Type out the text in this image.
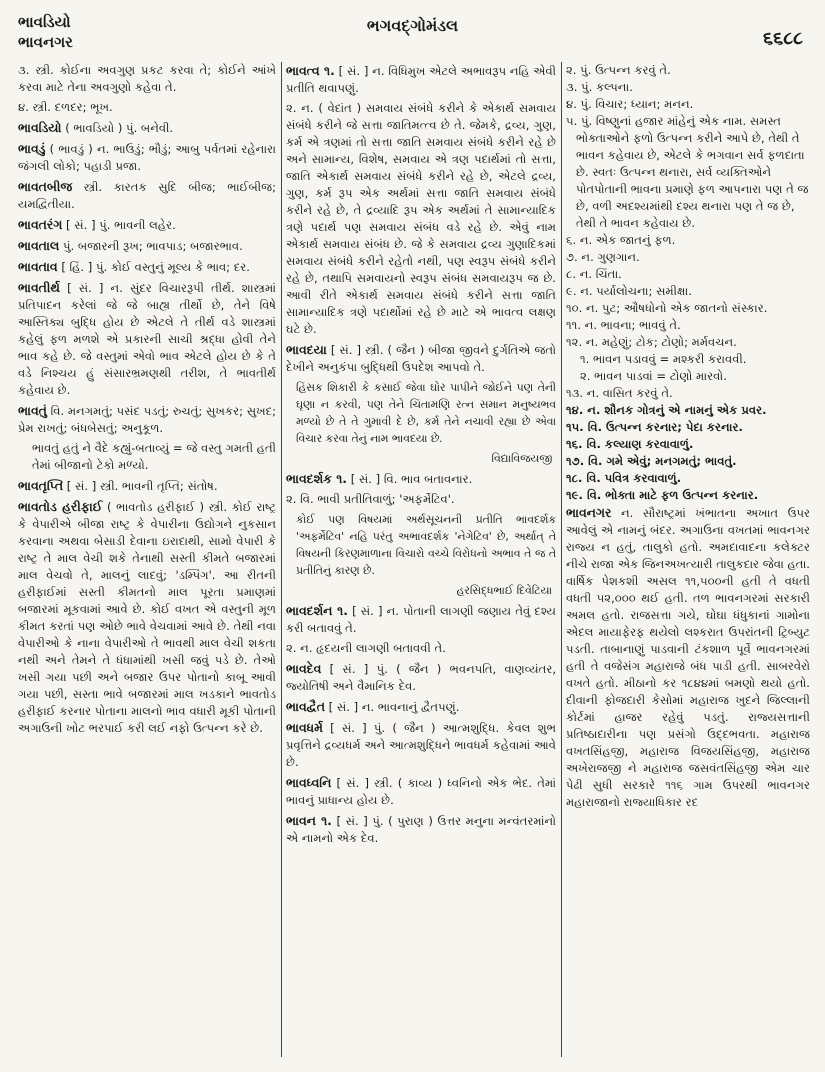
ભાવડિયો
ભાવનગર
ભગવદ્ગોમંડલ
૬૬૮૮
૩. સ્ત્રી. કોઈના અવગુણ પ્રકટ કરવા તે; કોઈને આંખે કરવા માટે તેના અવગુણો કહેવા તે.
૪. સ્ત્રી. દળદર; ભૂખ.
ભાવડિયો ( ભાવડિયો ) પું. બનેવી.
ભાવડું ( ભાવડું ) ન. ભાઉડું; ભૌડું; આબુ પર્વતમાં રહેનારા જંગલી લોકો; પહાડી પ્રજા.
ભાવતબીજ સ્ત્રી. કારતક સુદિ બીજ; ભાઈબીજ; યમદ્વિતીયા.
ભાવતરંગ [ સં. ] પું. ભાવની લહેર.
ભાવતાલ પું. બજારની રૂખ; ભાવપાડ; બજારભાવ.
ભાવતાવ [ હિં. ] પું. કોઈ વસ્તુનું મૂલ્ય કે ભાવ; દર.
ભાવતીર્થ [ સં. ] ન. સુંદર વિચારરૂપી તીર્થ. શાસ્ત્રમાં પ્રતિપાદન કરેલાં જે જે બાહ્ય તીર્થો છે, તેને વિષે આસ્તિક્ય બુદ્ધિ હોય છે એટલે તે તીર્થ વડે શાસ્ત્રમાં કહેલું ફળ મળશે એ પ્રકારની સાચી શ્રદ્ધા હોવી તેને ભાવ કહે છે. જે વસ્તુમાં એવો ભાવ એટલે હોય છે કે તે વડે નિશ્ચય હું સંસારભ્રમણથી તરીશ, તે ભાવતીર્થ કહેવાય છે.
ભાવતું વિ. મનગમતું; પસંદ પડતું; રુચતું; સુખકર; સુખદ; પ્રેમ રાખતું; બંધબેસતું; અનુકૂળ.
ભાવતું હતું ને વૈદે કહ્યું-બતાવ્યું = જે વસ્તુ ગમતી હતી તેમાં બીજાનો ટેકો મળ્યો.
ભાવતૃપ્તિ [ સં. ] સ્ત્રી. ભાવની તૃપ્તિ; સંતોષ.
ભાવતોડ હરીફાઈ ( ભાવતોડ હરીફાઈ ) સ્ત્રી. કોઈ રાષ્ટ્ર કે વેપારીએ બીજા રાષ્ટ્ર કે વેપારીના ઉદ્યોગને નુકસાન કરવાના અથવા બેસાડી દેવાના ઇરાદાથી, સામો વેપારી કે રાષ્ટ્ર તે માલ વેચી શકે તેનાથી સસ્તી કીમતે બજારમાં માલ વેચવો તે, માલનું લાદવું; 'ડમ્પિંગ'. આ રીતની હરીફાઈમાં સસ્તી કીમતનો માલ પૂરતા પ્રમાણમાં બજારમાં મૂકવામાં આવે છે. કોઈ વખત એ વસ્તુની મૂળ કીમત કરતાં પણ ઓછે ભાવે વેચવામાં આવે છે. તેથી નવા વેપારીઓ કે નાના વેપારીઓ તે ભાવથી માલ વેચી શકતા નથી અને તેમને તે ધંધામાંથી ખસી જવું પડે છે. તેઓ ખસી ગયા પછી અને બજાર ઉપર પોતાનો કાબૂ આવી ગયા પછી, સસ્તા ભાવે બજારમાં માલ ખડકાને ભાવતોડ હરીફાઈ કરનાર પોતાના માલનો ભાવ વધારી મૂકી પોતાની અગાઉની ખોટ ભરપાઈ કરી લઈ નફો ઉત્પન્ન કરે છે.
ભાવત્વ ૧. [ સં. ] ન. વિધિમુખ એટલે અભાવરૂપ નહિ એવી પ્રતીતિ થવાપણું.
૨. ન. ( વેદાંત ) સમવાય સંબંધે કરીને કે એકાર્થ સમવાય સંબંધે કરીને જે સત્તા જાતિમત્ત્વ છે તે. જેમકે, દ્રવ્ય, ગુણ, કર્મ એ ત્રણમાં તો સત્તા જાતિ સમવાય સંબંધે કરીને રહે છે અને સામાન્ય, વિશેષ, સમવાય એ ત્રણ પદાર્થમાં તો સત્તા, જાતિ એકાર્થ સમવાય સંબંધે કરીને રહે છે, એટલે દ્રવ્ય, ગુણ, કર્મ રૂપ એક અર્થમાં સત્તા જાતિ સમવાય સંબંધે કરીને રહે છે, તે દ્રવ્યાદિ રૂપ એક અર્થમાં તે સામાન્યાદિક ત્રણે પદાર્થ પણ સમવાય સંબંધ વડે રહે છે. એવું નામ એકાર્થ સમવાય સંબંધ છે. જે કે સમવાય દ્રવ્ય ગુણાદિકમાં સમવાય સંબંધે કરીને રહેતો નથી, પણ સ્વરૂપ સંબંધે કરીને રહે છે, તથાપિ સમવાયનો સ્વરૂપ સંબંધ સમવાયરૂપ જ છે. આવી રીતે એકાર્થ સમવાય સંબંધે કરીને સત્તા જાતિ સામાન્યાદિક ત્રણે પદાર્થોમાં રહે છે માટે એ ભાવત્વ લક્ષણ ઘટે છે.
ભાવદયા [ સં. ] સ્ત્રી. ( જૈન ) બીજા જીવને દુર્ગતિએ જતો દેખીને અનુકંપા બુદ્ધિથી ઉપદેશ આપવો તે.
હિંસક શિકારી કે કસાઈ જેવા ઘોર પાપીને જોઈને પણ તેની ઘૃણા ન કરવી, પણ તેને ચિંતામણિ રત્ન સમાન મનુષ્યભવ મળ્યો છે તે તે ગુમાવી દે છે, કર્મ તેને નચાવી રહ્યા છે એવા વિચાર કરવા તેનું નામ ભાવદયા છે.
વિદ્યાવિજયજી
ભાવદર્શક ૧. [ સં. ] વિ. ભાવ બતાવનાર.
૨. વિ. ભાવી પ્રતીતિવાળું; 'અફર્મેટિવ'.
કોઈ પણ વિષયમાં અર્થસૂચનની પ્રતીતિ ભાવદર્શક 'અફર્મેટિવ' નહિ પરંતુ અભાવદર્શક 'નેગેટિવ' છે, અર્થાત્ તે વિષયની કિરણમાળાના વિચારો વચ્ચે વિરોધનો અભાવ તે જ તે પ્રતીતિનું કારણ છે.
હરસિદ્ધભાઈ દિવેટિયા
ભાવદર્શન ૧. [ સં. ] ન. પોતાની લાગણી જણાય તેવું દશ્ય કરી બતાવવું તે.
૨. ન. હૃદયની લાગણી બતાવવી તે.
ભાવદેવ [ સં. ] પું. ( જૈન ) ભવનપતિ, વાણવ્યંતર, જ્યોતિષી અને વૈમાનિક દેવ.
ભાવદ્વૈત [ સં. ] ન. ભાવનાનું દ્વૈતપણું.
ભાવધર્મ [ સં. ] પું. ( જૈન ) આત્મશુદ્ધિ. કેવલ શુભ પ્રવૃત્તિને દ્રવ્યધર્મ અને આત્મશુદ્ધિને ભાવધર્મ કહેવામાં આવે છે.
ભાવધ્વનિ [ સં. ] સ્ત્રી. ( કાવ્ય ) ધ્વનિનો એક ભેદ. તેમાં ભાવનું પ્રાધાન્ય હોય છે.
ભાવન ૧. [ સં. ] પું. ( પુરાણ ) ઉત્તર મનુના મન્વંતરમાંનો એ નામનો એક દેવ.
૨. પું. ઉત્પન્ન કરવું તે.
૩. પું. કલ્પના.
૪. પું. વિચાર; ધ્યાન; મનન.
૫. પું. વિષ્ણુનાં હજાર માંહેનું એક નામ. સમસ્ત ભોક્તાઓને ફળો ઉત્પન્ન કરીને આપે છે, તેથી તે ભાવન કહેવાય છે, એટલે કે ભગવાન સર્વ ફળદાતા છે. સ્વતઃ ઉત્પન્ન થનારા, સર્વ વ્યક્તિઓને પોતપોતાની ભાવના પ્રમાણે ફળ આપનારા પણ તે જ છે, વળી અદશ્યમાંથી દશ્ય થનારા પણ તે જ છે, તેથી તે ભાવન કહેવાય છે.
૬. ન. એક જાતનું ફળ.
૭. ન. ગુણગાન.
૮. ન. ચિંતા.
૯. ન. પર્યાલોચના; સમીક્ષા.
૧૦. ન. પુટ; ઔષધોનો એક જાતનો સંસ્કાર.
૧૧. ન. ભાવના; ભાવવું તે.
૧૨. ન. મહેણું; ટોક; ટોણો; મર્મવચન.
૧. ભાવન પડાવવું = મશ્કરી કરાવવી.
૨. ભાવન પાડવાં = ટોણો મારવો.
૧૩. ન. વાસિત કરવું તે.
૧૪. ન. શૌનક ગોત્રનું એ નામનું એક પ્રવર.
૧૫. વિ. ઉત્પન્ન કરનાર; પેદા કરનાર.
૧૬. વિ. કલ્યાણ કરવાવાળું.
૧૭. વિ. ગમે એવું; મનગમતું; ભાવતું.
૧૮. વિ. પવિત્ર કરવાવાળું.
૧૯. વિ. ભોક્તા માટે ફળ ઉત્પન્ન કરનાર.
ભાવનગર ન. સૌરાષ્ટ્રમાં ખંભાતના અખાત ઉપર આવેલું એ નામનું બંદર. અગાઉના વખતમાં ભાવનગર રાજ્ય ન હતું, તાલુકો હતો. અમદાવાદના કલેક્ટર નીચે રાજા એક જિનઅખત્યારી તાલુકદાર જેવા હતા. વાર્ષિક પેશકશી અસલ ૧૧,૫૦૦ની હતી તે વધતી વધતી ૫૨,૦૦૦ થઈ હતી. તળ ભાવનગરમાં સરકારી અમલ હતો. રાજસત્તા ગયે, ઘોઘા ધંધુકાનાં ગામોના એદલ માયાફેરફ થયેલો લશ્કરાત ઉપરાંતની ટ્રિબ્યુટ પડતી. તાબાનાણું પાડવાની ટંકશાળ પૂર્વે ભાવનગરમાં હતી તે વજેસંગ મહારાજે બંધ પાડી હતી. સાબરવેરો વખતે હતો. મીઠાનો કર ૧૮૪૪માં બમણો થયો હતો. દીવાની ફોજદારી કેસોમાં મહારાજ ખુદને જિલ્લાની કોર્ટમાં હાજર રહેવું પડતું. રાજ્યસત્તાની પ્રતિષ્ઠાદારીના પણ પ્રસંગો ઉદ્દભવતા. મહારાજ વખતસિંહજી, મહારાજ વિજયસિંહજી, મહારાજ અખેરાજજી ને મહારાજ જસવંતસિંહજી એમ ચાર પેઢી સુધી સરકારે ૧૧૬ ગામ ઉપરથી ભાવનગર મહારાજાનો રાજ્યાધિકાર રદ
